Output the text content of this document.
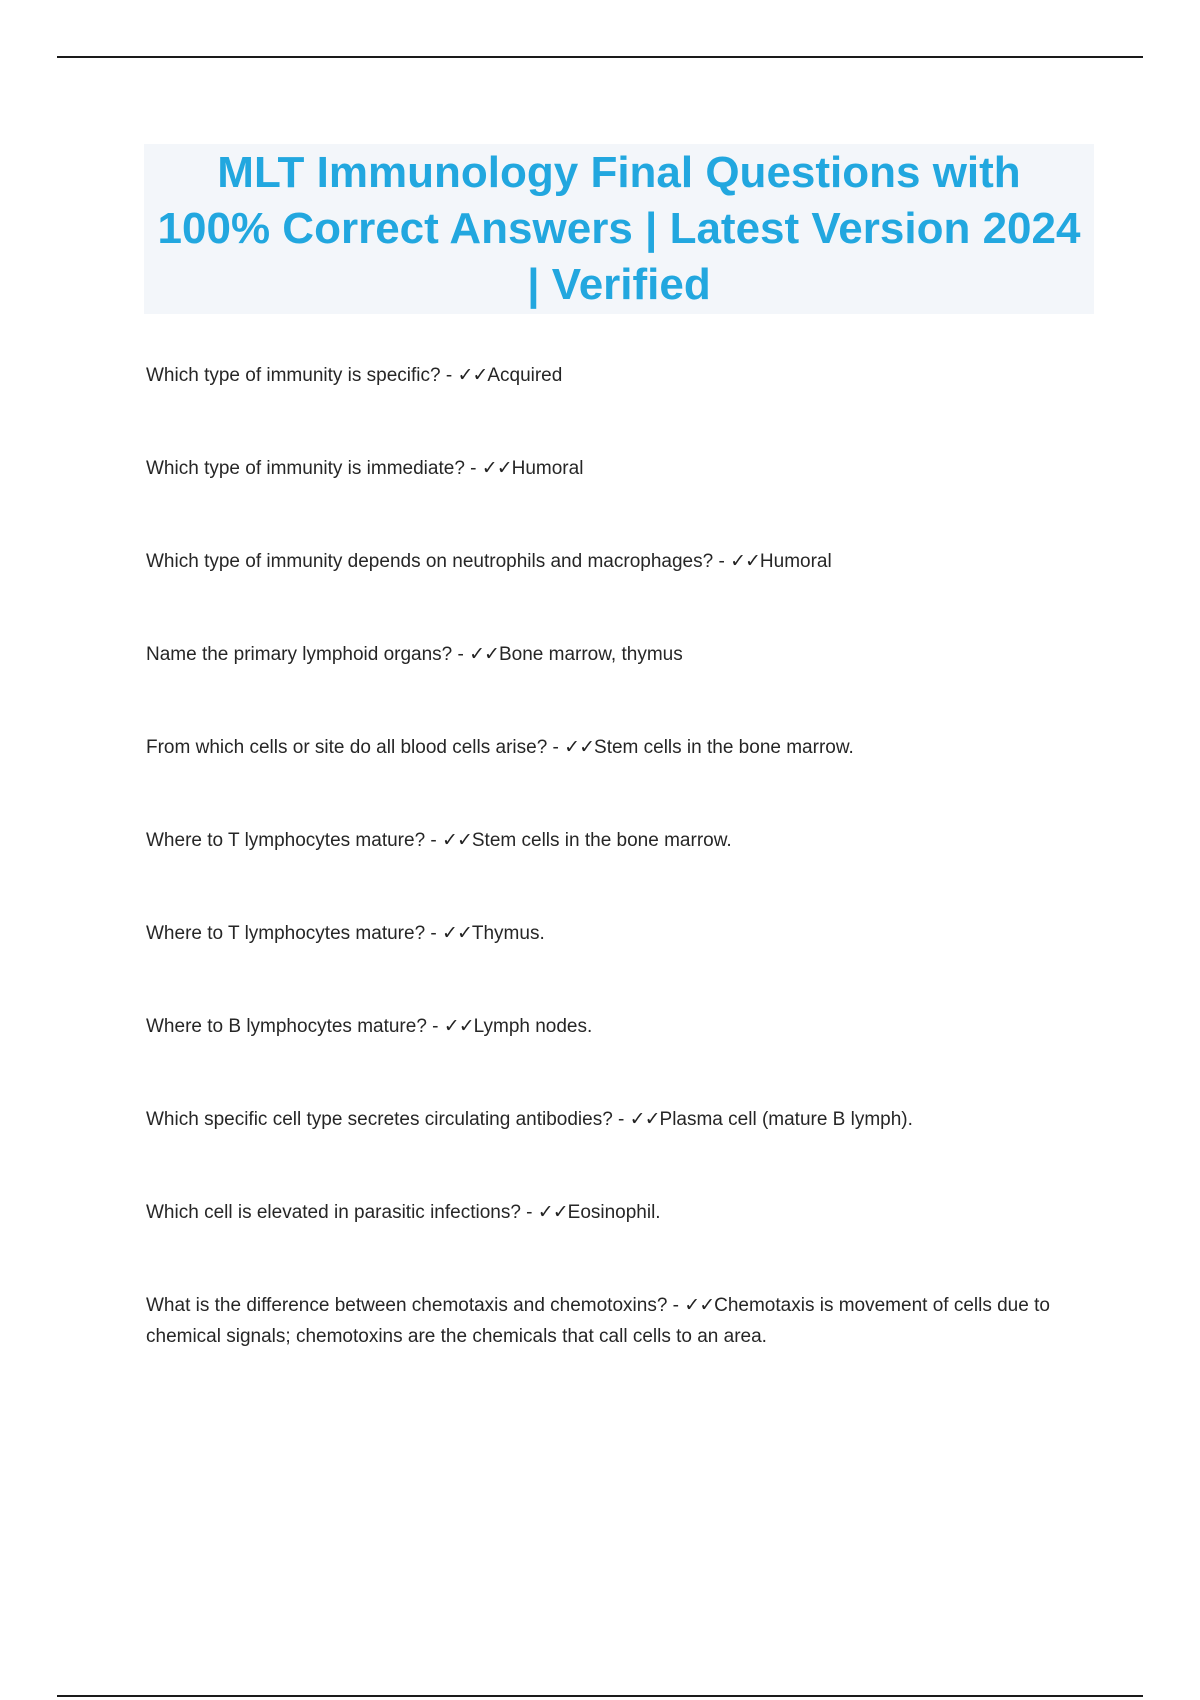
MLT Immunology Final Questions with 100% Correct Answers | Latest Version 2024 | Verified
Which type of immunity is specific? - ✓✓Acquired
Which type of immunity is immediate? - ✓✓Humoral
Which type of immunity depends on neutrophils and macrophages? - ✓✓Humoral
Name the primary lymphoid organs? - ✓✓Bone marrow, thymus
From which cells or site do all blood cells arise? - ✓✓Stem cells in the bone marrow.
Where to T lymphocytes mature? - ✓✓Stem cells in the bone marrow.
Where to T lymphocytes mature? - ✓✓Thymus.
Where to B lymphocytes mature? - ✓✓Lymph nodes.
Which specific cell type secretes circulating antibodies? - ✓✓Plasma cell (mature B lymph).
Which cell is elevated in parasitic infections? - ✓✓Eosinophil.
What is the difference between chemotaxis and chemotoxins? - ✓✓Chemotaxis is movement of cells due to chemical signals; chemotoxins are the chemicals that call cells to an area.
